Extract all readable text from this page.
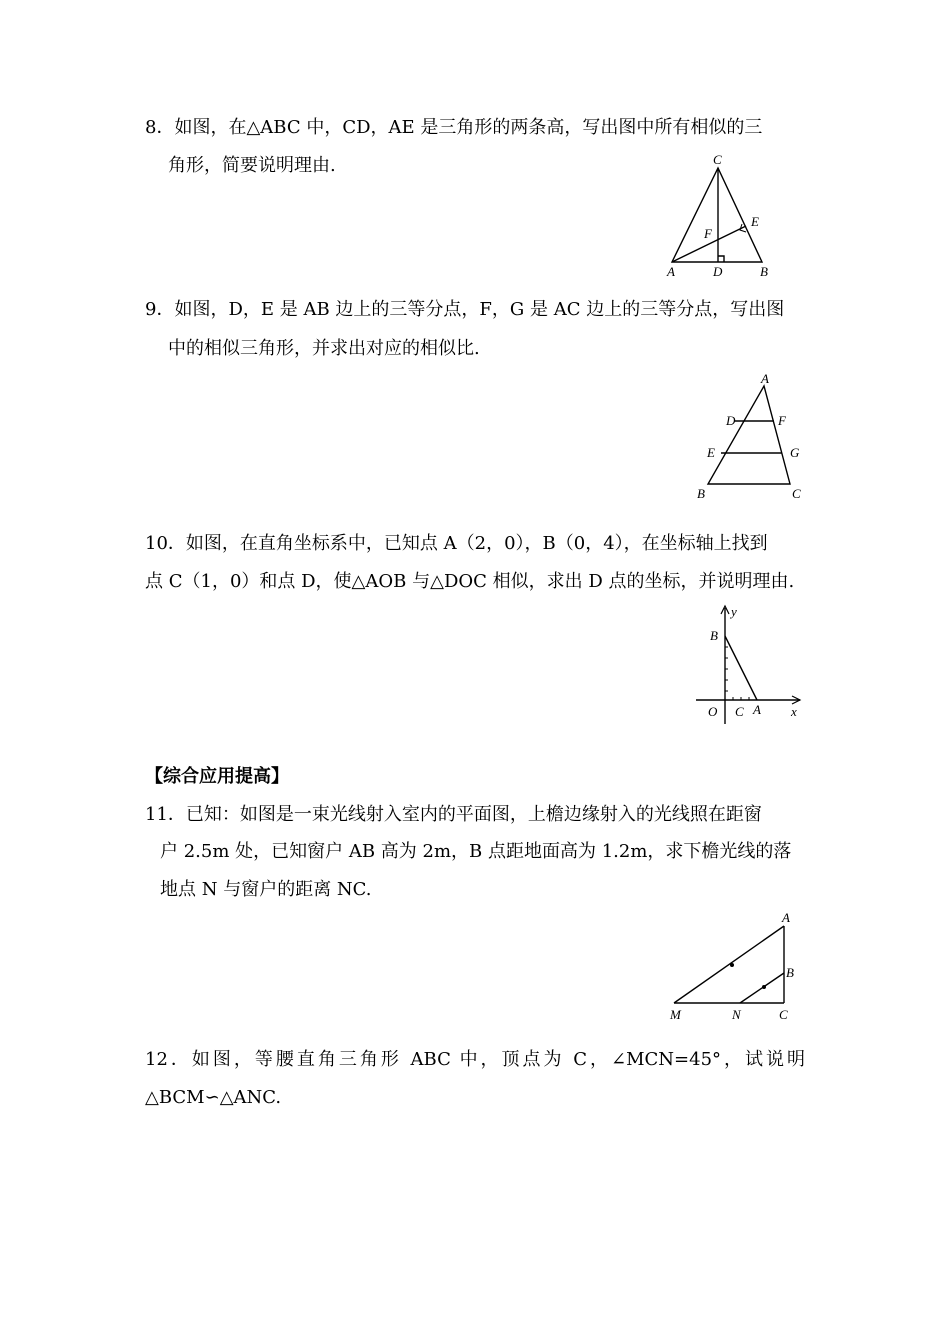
8．如图，在△ABC 中，CD，AE 是三角形的两条高，写出图中所有相似的三
角形，简要说明理由.	C
E
F
A	D	B
9．如图，D，E 是 AB 边上的三等分点，F，G 是 AC 边上的三等分点，写出图
中的相似三角形，并求出对应的相似比.
A
D	F
E	G
B	C
10．如图，在直角坐标系中，已知点 A（2，0），B（0，4），在坐标轴上找到
点 C（1，0）和点 D，使△AOB 与△DOC 相似，求出 D 点的坐标，并说明理由.
y
B
O C A x
【综合应用提高】
11．已知：如图是一束光线射入室内的平面图，上檐边缘射入的光线照在距窗
户 2.5m 处，已知窗户 AB 高为 2m，B 点距地面高为 1.2m，求下檐光线的落
地点 N 与窗户的距离 NC.
A
B
M	N	C
12．如图，等腰直角三角形 ABC 中，顶点为 C，∠MCN=45°，试说明
△BCM∽△ANC.
